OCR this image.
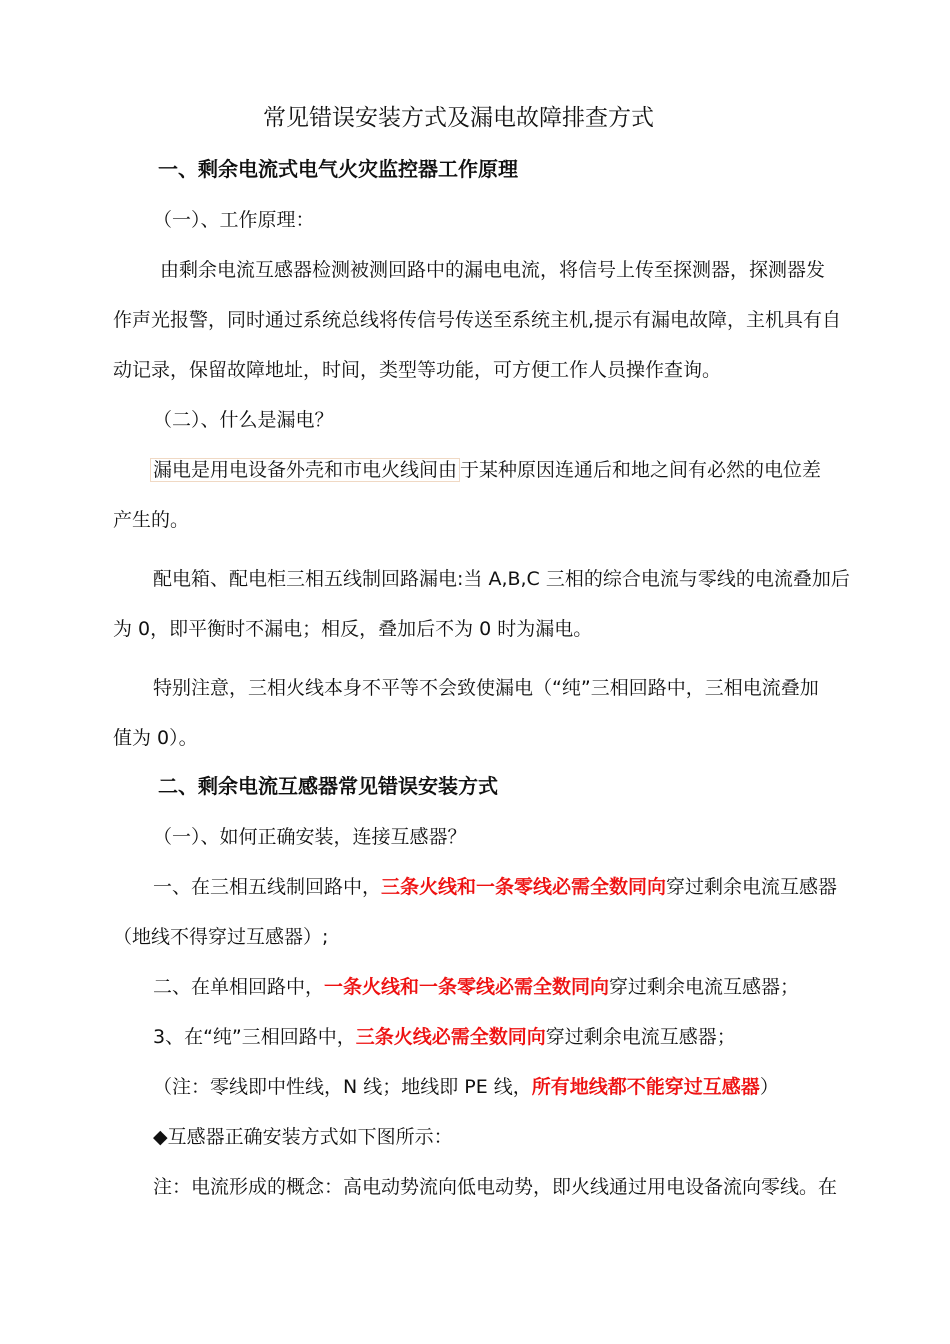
常见错误安装方式及漏电故障排查方式
一、剩余电流式电气火灾监控器工作原理
（一）、工作原理：
由剩余电流互感器检测被测回路中的漏电电流，将信号上传至探测器，探测器发
作声光报警，同时通过系统总线将传信号传送至系统主机,提示有漏电故障，主机具有自
动记录，保留故障地址，时间，类型等功能，可方便工作人员操作查询。
（二）、什么是漏电？
漏电是用电设备外壳和市电火线间由 于某种原因连通后和地之间有必然的电位差
产生的。
配电箱、配电柜三相五线制回路漏电:当 A,B,C 三相的综合电流与零线的电流叠加后
为 0，即平衡时不漏电；相反，叠加后不为 0 时为漏电。
特别注意，三相火线本身不平等不会致使漏电（“纯”三相回路中，三相电流叠加
值为 0）。
二、剩余电流互感器常见错误安装方式
（一）、如何正确安装，连接互感器？
一、在三相五线制回路中，三条火线和一条零线必需全数同向穿过剩余电流互感器
（地线不得穿过互感器）;
二、在单相回路中，一条火线和一条零线必需全数同向穿过剩余电流互感器；
3、在“纯”三相回路中，三条火线必需全数同向穿过剩余电流互感器；
（注：零线即中性线，N 线；地线即 PE 线，所有地线都不能穿过互感器）
◆互感器正确安装方式如下图所示：
注：电流形成的概念：高电动势流向低电动势，即火线通过用电设备流向零线。在
